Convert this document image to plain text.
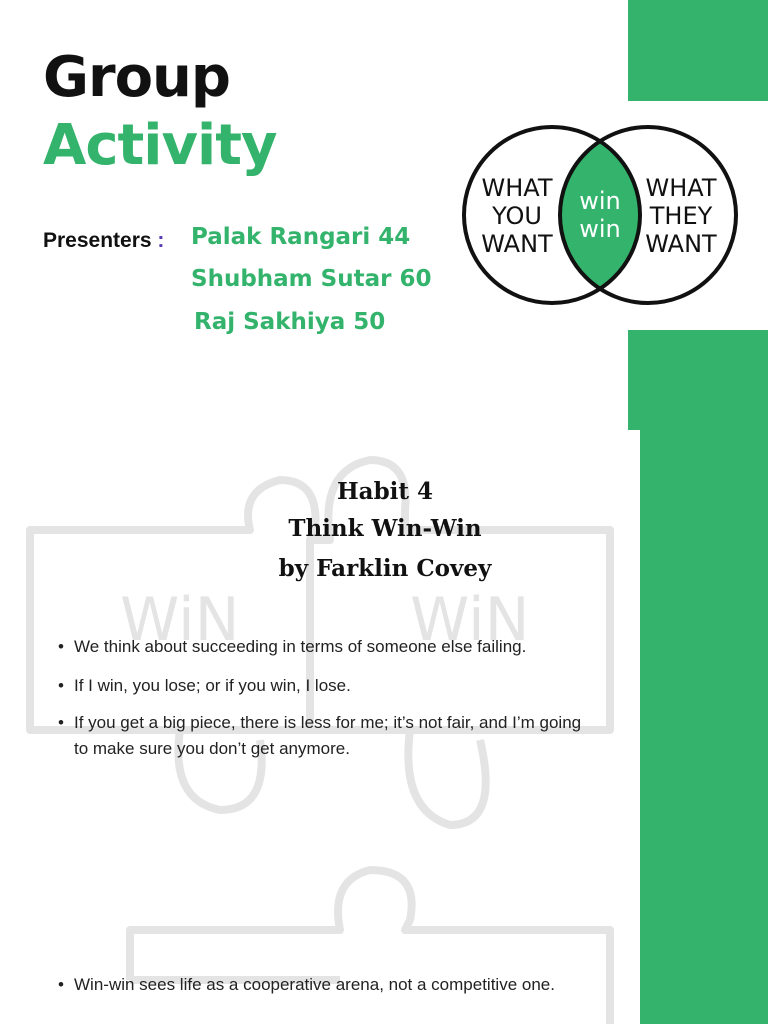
WiN	WiN
Group
Activity
Presenters : Palak Rangari 44
Shubham Sutar 60
Raj Sakhiya 50
WHAT
YOU
WANT
WHAT
THEY
WANT
win
win
Habit 4
Think Win-Win
by Farklin Covey
• We think about succeeding in terms of someone else failing.
• If I win, you lose; or if you win, I lose.
• If you get a big piece, there is less for me; it’s not fair, and I’m going to make sure you don’t get anymore.
• Win-win sees life as a cooperative arena, not a competitive one.
